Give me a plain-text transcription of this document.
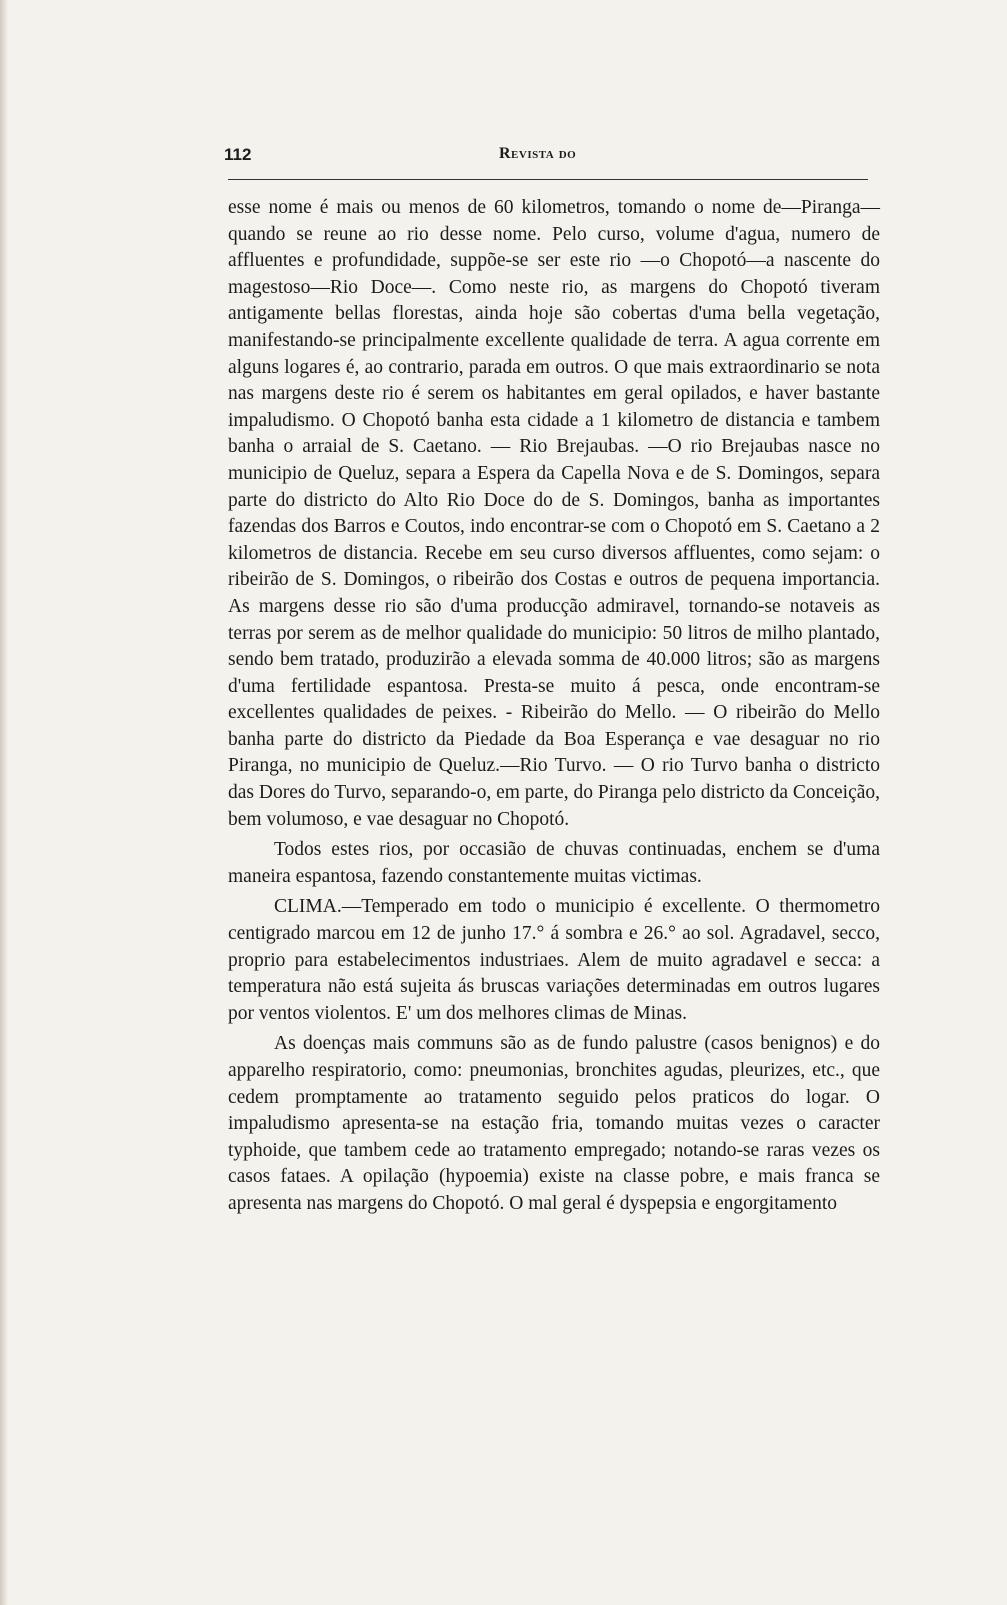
112	Revista do

esse nome é mais ou menos de 60 kilometros, tomando o nome de—Piranga—quando se reune ao rio desse nome. Pelo curso, volume d'agua, numero de affluentes e profundidade, suppõe-se ser este rio —o Chopotó—a nascente do magestoso—Rio Doce—. Como neste rio, as margens do Chopotó tiveram antigamente bellas florestas, ainda hoje são cobertas d'uma bella vegetação, manifestando-se principalmente excellente qualidade de terra. A agua corrente em alguns logares é, ao contrario, parada em outros. O que mais extraordinario se nota nas margens deste rio é serem os habitantes em geral opilados, e haver bastante impaludismo. O Chopotó banha esta cidade a 1 kilometro de distancia e tambem banha o arraial de S. Caetano. — Rio Brejaubas. —O rio Brejaubas nasce no municipio de Queluz, separa a Espera da Capella Nova e de S. Domingos, separa parte do districto do Alto Rio Doce do de S. Domingos, banha as importantes fazendas dos Barros e Coutos, indo encontrar-se com o Chopotó em S. Caetano a 2 kilometros de distancia. Recebe em seu curso diversos affluentes, como sejam: o ribeirão de S. Domingos, o ribeirão dos Costas e outros de pequena importancia. As margens desse rio são d'uma producção admiravel, tornando-se notaveis as terras por serem as de melhor qualidade do municipio: 50 litros de milho plantado, sendo bem tratado, produzirão a elevada somma de 40.000 litros; são as margens d'uma fertilidade espantosa. Presta-se muito á pesca, onde encontram-se excellentes qualidades de peixes. - Ribeirão do Mello. — O ribeirão do Mello banha parte do districto da Piedade da Boa Esperança e vae desaguar no rio Piranga, no municipio de Queluz.—Rio Turvo. — O rio Turvo banha o districto das Dores do Turvo, separando-o, em parte, do Piranga pelo districto da Conceição, bem volumoso, e vae desaguar no Chopotó.

Todos estes rios, por occasião de chuvas continuadas, enchem se d'uma maneira espantosa, fazendo constantemente muitas victimas.

CLIMA.—Temperado em todo o municipio é excellente. O thermometro centigrado marcou em 12 de junho 17.° á sombra e 26.° ao sol. Agradavel, secco, proprio para estabelecimentos industriaes. Alem de muito agradavel e secca: a temperatura não está sujeita ás bruscas variações determinadas em outros lugares por ventos violentos. E' um dos melhores climas de Minas.

As doenças mais communs são as de fundo palustre (casos benignos) e do apparelho respiratorio, como: pneumonias, bronchites agudas, pleurizes, etc., que cedem promptamente ao tratamento seguido pelos praticos do logar. O impaludismo apresenta-se na estação fria, tomando muitas vezes o caracter typhoide, que tambem cede ao tratamento empregado; notando-se raras vezes os casos fataes. A opilação (hypoemia) existe na classe pobre, e mais franca se apresenta nas margens do Chopotó. O mal geral é dyspepsia e engorgitamento
